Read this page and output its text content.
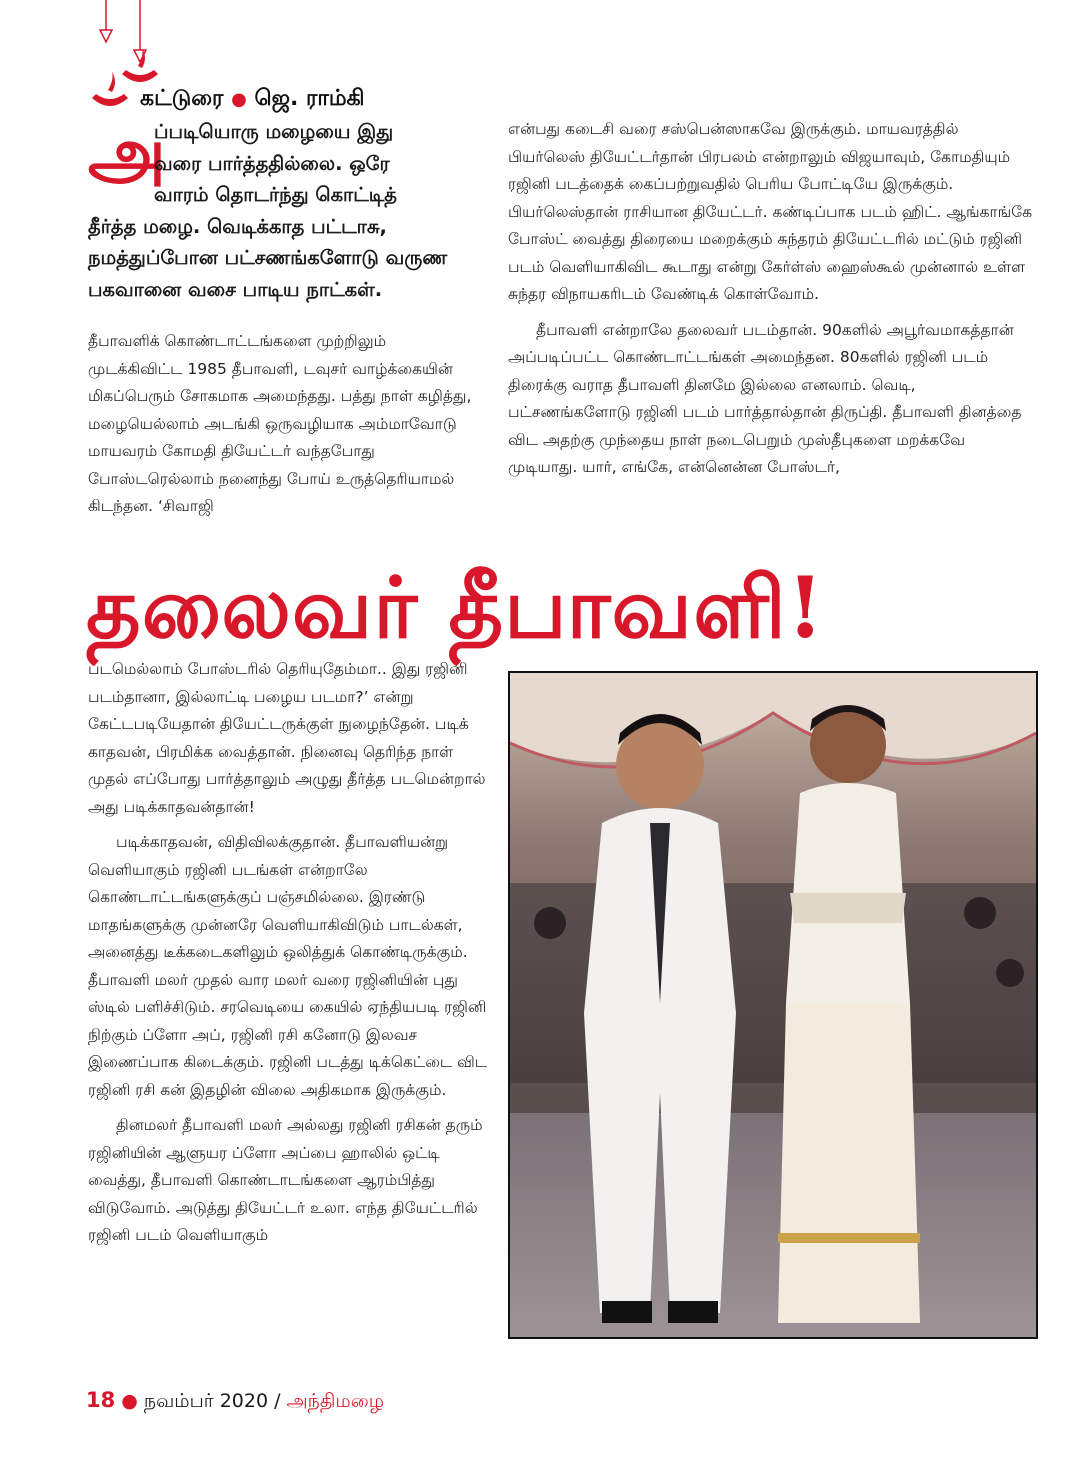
கட்டுரை ● ஜெ. ராம்கி
அ

ப்படியொரு மழையை இது

வரை பார்த்ததில்லை. ஒரே

வாரம் தொடர்ந்து கொட்டித்

தீர்த்த மழை. வெடிக்காத பட்டாசு, நமத்துப்போன பட்சணங்களோடு வருண பகவானை வசை பாடிய நாட்கள்.

தீபாவளிக் கொண்டாட்டங்களை முற்றிலும் முடக்கிவிட்ட 1985 தீபாவளி, டவுசர் வாழ்க்கையின் மிகப்பெரும் சோகமாக அமைந்தது. பத்து நாள் கழித்து, மழையெல்லாம் அடங்கி ஒருவழியாக அம்மாவோடு மாயவரம் கோமதி தியேட்டர் வந்தபோது போஸ்டரெல்லாம் நனைந்து போய் உருத்தெரியாமல் கிடந்தன. ‘சிவாஜி

என்பது கடைசி வரை சஸ்பென்ஸாகவே இருக்கும். மாயவரத்தில் பியர்லெஸ் தியேட்டர்தான் பிரபலம் என்றாலும் விஜயாவும், கோமதியும் ரஜினி படத்தைக் கைப்பற்றுவதில் பெரிய போட்டியே இருக்கும். பியர்லெஸ்தான் ராசியான தியேட்டர். கண்டிப்பாக படம் ஹிட். ஆங்காங்கே போஸ்ட் வைத்து திரையை மறைக்கும் சுந்தரம் தியேட்டரில் மட்டும் ரஜினி படம் வெளியாகிவிட கூடாது என்று கேர்ள்ஸ் ஹைஸ்கூல் முன்னால் உள்ள சுந்தர விநாயகரிடம் வேண்டிக் கொள்வோம்.

தீபாவளி என்றாலே தலைவர் படம்தான். 90களில் அபூர்வமாகத்தான் அப்படிப்பட்ட கொண்டாட்டங்கள் அமைந்தன. 80களில் ரஜினி படம் திரைக்கு வராத தீபாவளி தினமே இல்லை எனலாம். வெடி, பட்சணங்களோடு ரஜினி படம் பார்த்தால்தான் திருப்தி. தீபாவளி தினத்தை விட அதற்கு முந்தைய நாள் நடைபெறும் முஸ்தீபுகளை மறக்கவே முடியாது. யார், எங்கே, என்னென்ன போஸ்டர்,

தலைவர் தீபாவளி!

படமெல்லாம் போஸ்டரில் தெரியுதேம்மா.. இது ரஜினி படம்தானா, இல்லாட்டி பழைய படமா?’ என்று கேட்டபடியேதான் தியேட்டருக்குள் நுழைந்தேன். படிக் காதவன், பிரமிக்க வைத்தான். நினைவு தெரிந்த நாள் முதல் எப்போது பார்த்தாலும் அழுது தீர்த்த படமென்றால் அது படிக்காதவன்தான்!

படிக்காதவன், விதிவிலக்குதான். தீபாவளியன்று வெளியாகும் ரஜினி படங்கள் என்றாலே கொண்டாட்டங்களுக்குப் பஞ்சமில்லை. இரண்டு மாதங்களுக்கு முன்னரே வெளியாகிவிடும் பாடல்கள், அனைத்து டீக்கடைகளிலும் ஒலித்துக் கொண்டிருக்கும். தீபாவளி மலர் முதல் வார மலர் வரை ரஜினியின் புது ஸ்டில் பளிச்சிடும். சரவெடியை கையில் ஏந்தியபடி ரஜினி நிற்கும் ப்ளோ அப், ரஜினி ரசி கனோடு இலவச இணைப்பாக கிடைக்கும். ரஜினி படத்து டிக்கெட்டை விட ரஜினி ரசி கன் இதழின் விலை அதிகமாக இருக்கும்.

தினமலர் தீபாவளி மலர் அல்லது ரஜினி ரசிகன் தரும் ரஜினியின் ஆளுயர ப்ளோ அப்பை ஹாலில் ஒட்டி வைத்து, தீபாவளி கொண்டாடங்களை ஆரம்பித்து விடுவோம். அடுத்து தியேட்டர் உலா. எந்த தியேட்டரில் ரஜினி படம் வெளியாகும்

18 ● நவம்பர் 2020 / அந்திமழை
